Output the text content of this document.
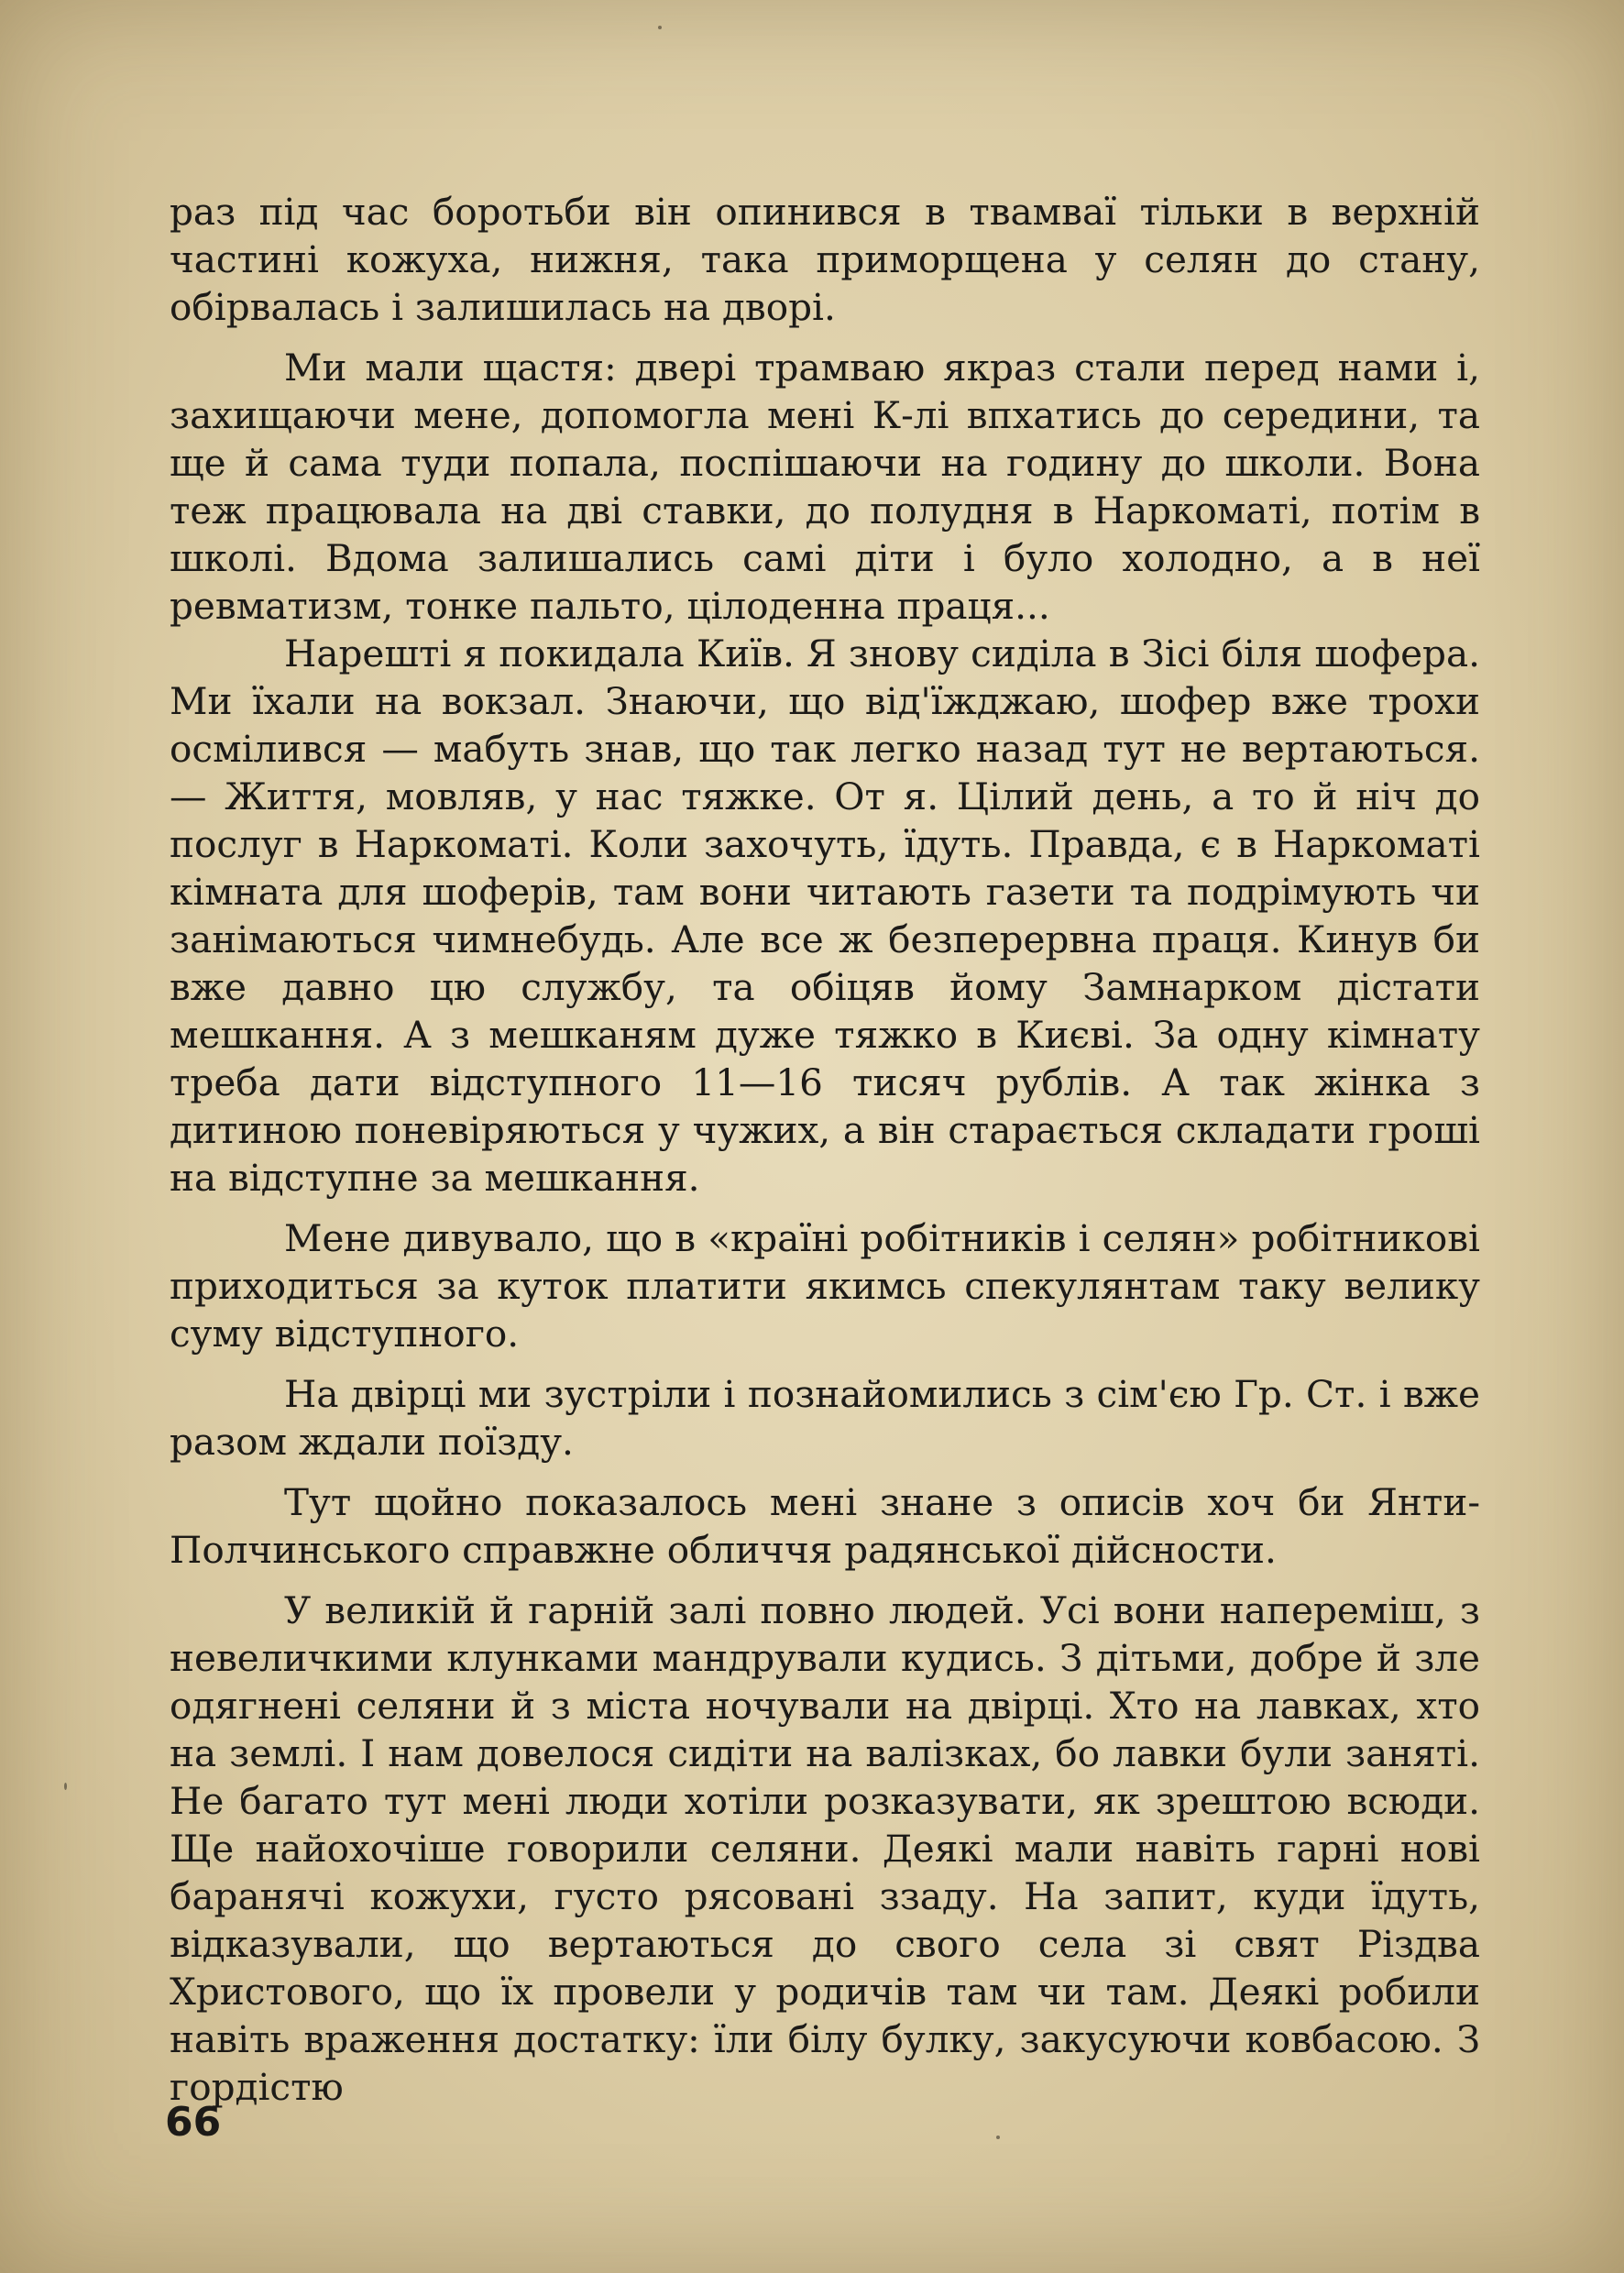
раз під час боротьби він опинився в твамваї тільки в верхній частині кожуха, нижня, така приморщена у селян до стану, обірвалась і залишилась на дворі.

Ми мали щастя: двері трамваю якраз стали перед нами і, захищаючи мене, допомогла мені К-лі впхатись до середини, та ще й сама туди попала, поспішаючи на годину до школи. Вона теж працювала на дві ставки, до полудня в Наркоматі, потім в школі. Вдома залишались самі діти і було холодно, а в неї ревматизм, тонке пальто, цілоденна праця...

Нарешті я покидала Київ. Я знову сиділа в Зісі біля шофера. Ми їхали на вокзал. Знаючи, що від'їжджаю, шофер вже трохи осмілився — мабуть знав, що так легко назад тут не вертаються. — Життя, мовляв, у нас тяжке. От я. Цілий день, а то й ніч до послуг в Наркоматі. Коли захочуть, їдуть. Правда, є в Наркоматі кімната для шоферів, там вони читають газети та подрімують чи занімаються чимнебудь. Але все ж безперервна праця. Кинув би вже давно цю службу, та обіцяв йому Замнарком дістати мешкання. А з мешканям дуже тяжко в Києві. За одну кімнату треба дати відступного 11—16 тисяч рублів. А так жінка з дитиною поневіряються у чужих, а він старається складати гроші на відступне за мешкання.

Мене дивувало, що в «країні робітників і селян» робітникові приходиться за куток платити якимсь спекулянтам таку велику суму відступного.

На двірці ми зустріли і познайомились з сім'єю Гр. Ст. і вже разом ждали поїзду.

Тут щойно показалось мені знане з описів хоч би Янти-Полчинського справжне обличчя радянської дійсности.

У великій й гарній залі повно людей. Усі вони напереміш, з невеличкими клунками мандрували кудись. З дітьми, добре й зле одягнені селяни й з міста ночували на двірці. Хто на лавках, хто на землі. І нам довелося сидіти на валізках, бо лавки були заняті. Не багато тут мені люди хотіли розказувати, як зрештою всюди. Ще найохочіше говорили селяни. Деякі мали навіть гарні нові баранячі кожухи, густо рясовані ззаду. На запит, куди їдуть, відказували, що вертаються до свого села зі свят Різдва Христового, що їх провели у родичів там чи там. Деякі робили навіть враження достатку: їли білу булку, закусуючи ковбасою. З гордістю

66
